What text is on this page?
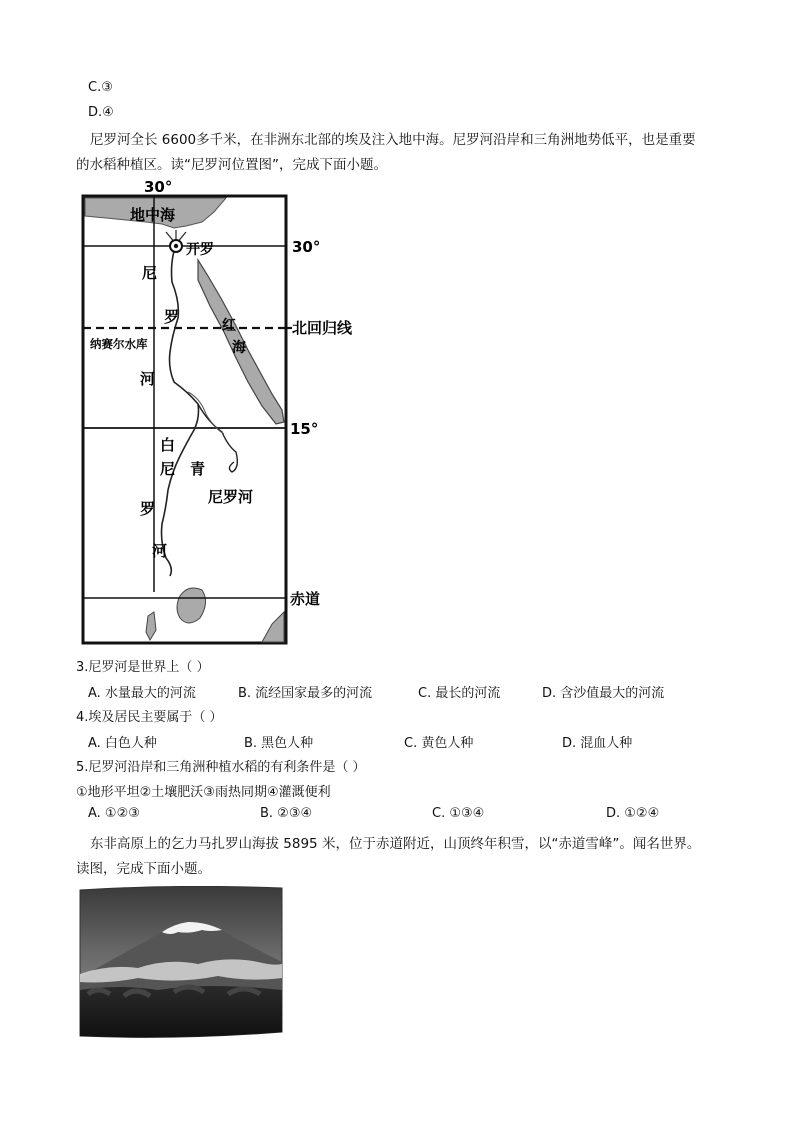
C.③
D.④
尼罗河全长 6600多千米，在非洲东北部的埃及注入地中海。尼罗河沿岸和三角洲地势低平，也是重要
的水稻种植区。读“尼罗河位置图”，完成下面小题。
30°
地中海
开罗	30°
北回归线
15°
赤道
纳赛尔水库
红
海
尼
罗
河
白
尼
罗
河
青
尼罗河
3.尼罗河是世界上（ ）
A. 水量最大的河流	B. 流经国家最多的河流	C. 最长的河流	D. 含沙值最大的河流
4.埃及居民主要属于（ ）
A. 白色人种	B. 黑色人种	C. 黄色人种	D. 混血人种
5.尼罗河沿岸和三角洲种植水稻的有利条件是（ ）
①地形平坦②土壤肥沃③雨热同期④灌溉便利
A. ①②③	B. ②③④	C. ①③④	D. ①②④
东非高原上的乞力马扎罗山海拔 5895 米，位于赤道附近，山顶终年积雪，以“赤道雪峰”。闻名世界。
读图，完成下面小题。
